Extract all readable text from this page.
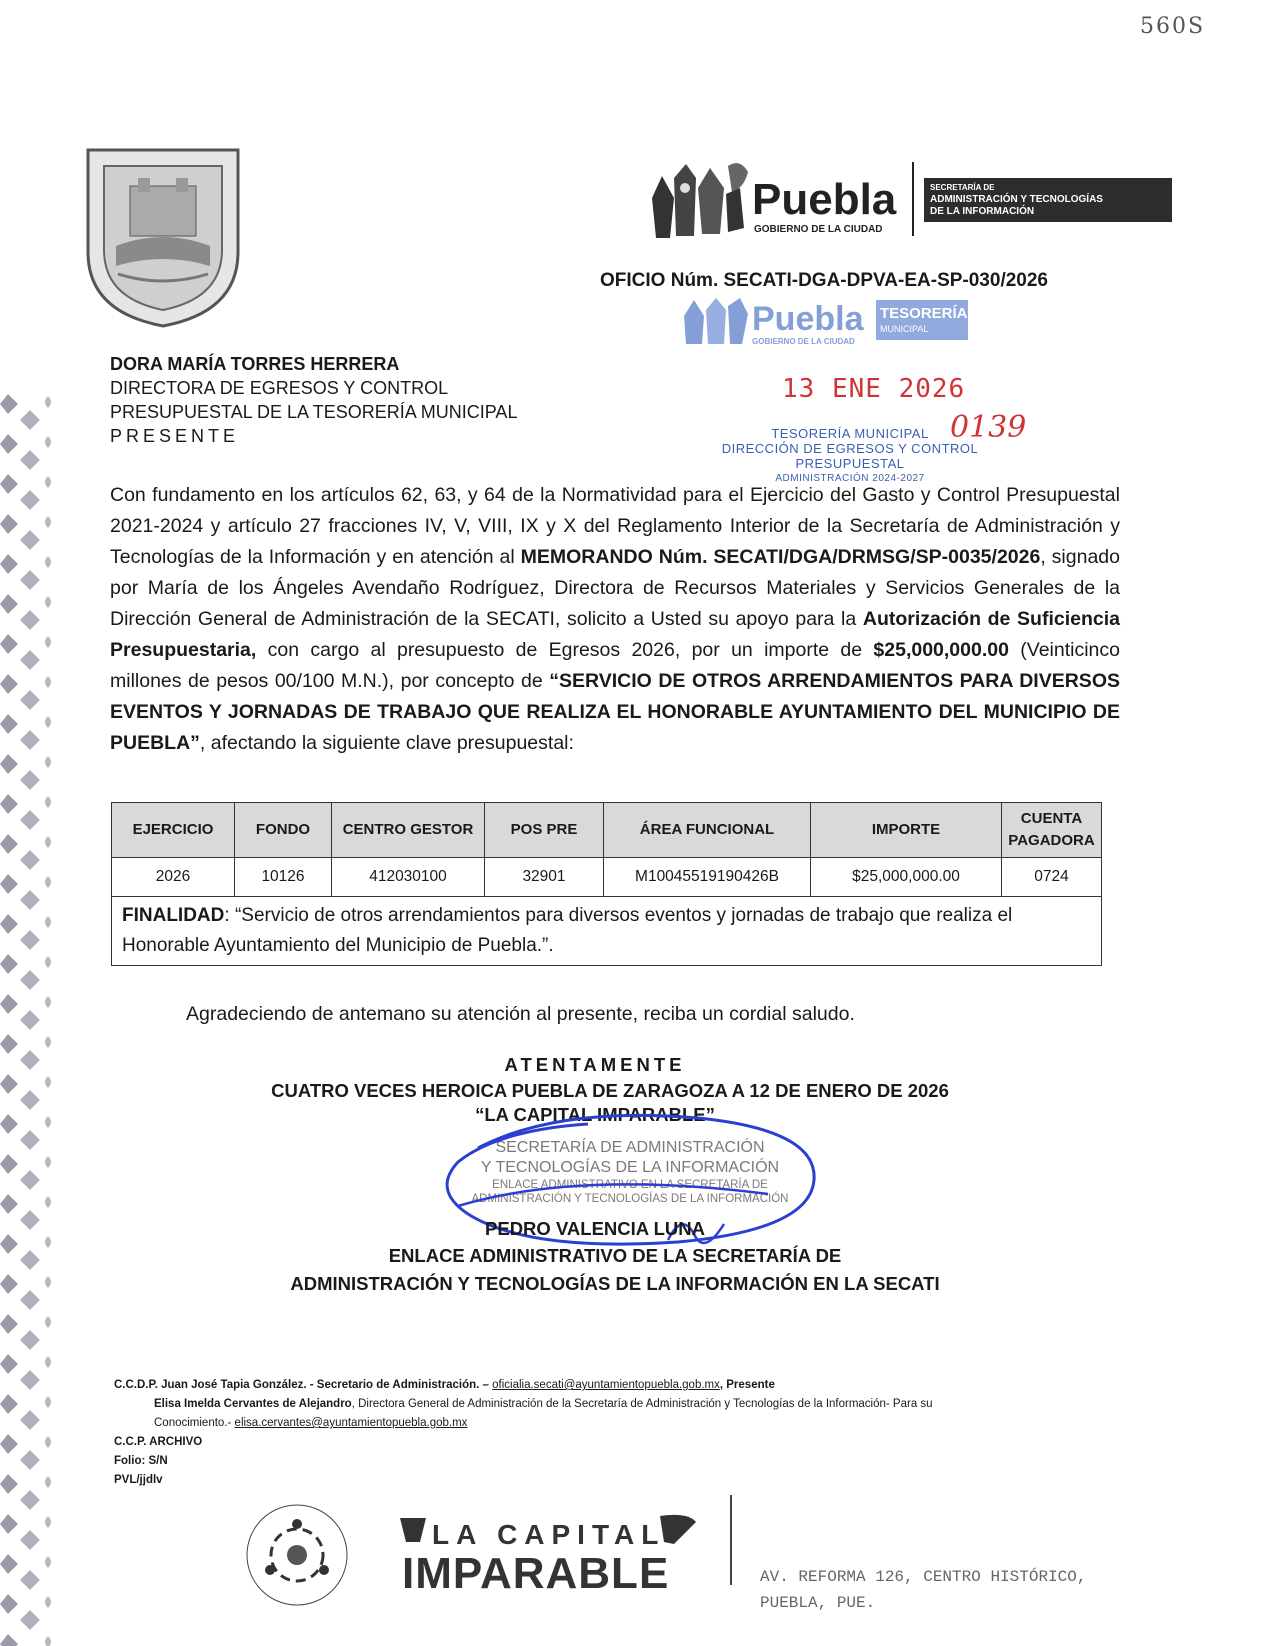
560S
Puebla
GOBIERNO DE LA CIUDAD
SECRETARÍA DE
ADMINISTRACIÓN Y TECNOLOGÍAS
DE LA INFORMACIÓN
OFICIO Núm. SECATI-DGA-DPVA-EA-SP-030/2026
Puebla
GOBIERNO DE LA CIUDAD
TESORERÍA
MUNICIPAL
13 ENE 2026
0139
TESORERÍA MUNICIPAL
DIRECCIÓN DE EGRESOS Y CONTROL
PRESUPUESTAL
ADMINISTRACIÓN 2024-2027
DORA MARÍA TORRES HERRERA
DIRECTORA DE EGRESOS Y CONTROL
PRESUPUESTAL DE LA TESORERÍA MUNICIPAL
PRESENTE
Con fundamento en los artículos 62, 63, y 64 de la Normatividad para el Ejercicio del Gasto y Control Presupuestal 2021-2024 y artículo 27 fracciones IV, V, VIII, IX y X del Reglamento Interior de la Secretaría de Administración y Tecnologías de la Información y en atención al MEMORANDO Núm. SECATI/DGA/DRMSG/SP-0035/2026, signado por María de los Ángeles Avendaño Rodríguez, Directora de Recursos Materiales y Servicios Generales de la Dirección General de Administración de la SECATI, solicito a Usted su apoyo para la Autorización de Suficiencia Presupuestaria, con cargo al presupuesto de Egresos 2026, por un importe de $25,000,000.00 (Veinticinco millones de pesos 00/100 M.N.), por concepto de “SERVICIO DE OTROS ARRENDAMIENTOS PARA DIVERSOS EVENTOS Y JORNADAS DE TRABAJO QUE REALIZA EL HONORABLE AYUNTAMIENTO DEL MUNICIPIO DE PUEBLA”, afectando la siguiente clave presupuestal:
EJERCICIO	FONDO	CENTRO GESTOR	POS PRE	ÁREA FUNCIONAL	IMPORTE	CUENTA PAGADORA
2026	10126	412030100	32901	M10045519190426B	$25,000,000.00	0724
FINALIDAD: “Servicio de otros arrendamientos para diversos eventos y jornadas de trabajo que realiza el Honorable Ayuntamiento del Municipio de Puebla.”.						
Agradeciendo de antemano su atención al presente, reciba un cordial saludo.
ATENTAMENTE
CUATRO VECES HEROICA PUEBLA DE ZARAGOZA A 12 DE ENERO DE 2026
“LA CAPITAL IMPARABLE”
SECRETARÍA DE ADMINISTRACIÓN
Y TECNOLOGÍAS DE LA INFORMACIÓN
ENLACE ADMINISTRATIVO EN LA SECRETARÍA DE
ADMINISTRACIÓN Y TECNOLOGÍAS DE LA INFORMACIÓN
PEDRO VALENCIA LUNA
ENLACE ADMINISTRATIVO DE LA SECRETARÍA DE
ADMINISTRACIÓN Y TECNOLOGÍAS DE LA INFORMACIÓN EN LA SECATI
C.C.D.P. Juan José Tapia González. - Secretario de Administración. – oficialia.secati@ayuntamientopuebla.gob.mx, Presente
Elisa Imelda Cervantes de Alejandro, Directora General de Administración de la Secretaría de Administración y Tecnologías de la Información- Para su
Conocimiento.- elisa.cervantes@ayuntamientopuebla.gob.mx
C.C.P. ARCHIVO
Folio: S/N
PVL/jjdlv
LA CAPITAL
IMPARABLE	AV. REFORMA 126, CENTRO HISTÓRICO,
PUEBLA, PUE.
